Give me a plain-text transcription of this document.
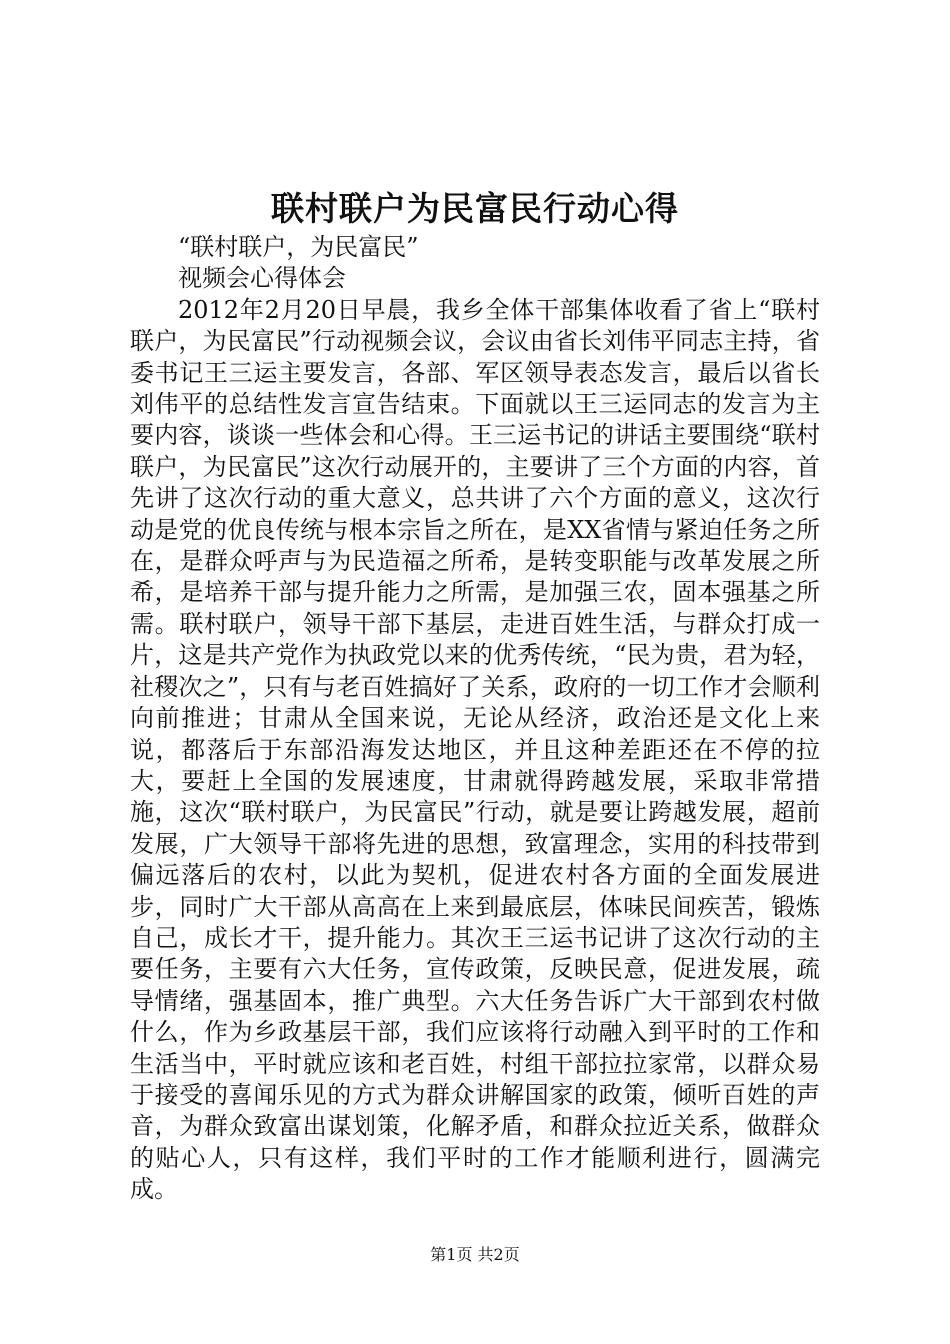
联村联户为民富民行动心得
“联村联户，为民富民”
视频会心得体会

2012年2月20日早晨，我乡全体干部集体收看了省上“联村联户，为民富民”行动视频会议，会议由省长刘伟平同志主持，省委书记王三运主要发言，各部、军区领导表态发言，最后以省长刘伟平的总结性发言宣告结束。下面就以王三运同志的发言为主要内容，谈谈一些体会和心得。王三运书记的讲话主要围绕“联村联户，为民富民”这次行动展开的，主要讲了三个方面的内容，首先讲了这次行动的重大意义，总共讲了六个方面的意义，这次行动是党的优良传统与根本宗旨之所在，是XX省情与紧迫任务之所在，是群众呼声与为民造福之所希，是转变职能与改革发展之所希，是培养干部与提升能力之所需，是加强三农，固本强基之所需。联村联户，领导干部下基层，走进百姓生活，与群众打成一片，这是共产党作为执政党以来的优秀传统，“民为贵，君为轻，社稷次之”，只有与老百姓搞好了关系，政府的一切工作才会顺利向前推进；甘肃从全国来说，无论从经济，政治还是文化上来说，都落后于东部沿海发达地区，并且这种差距还在不停的拉大，要赶上全国的发展速度，甘肃就得跨越发展，采取非常措施，这次“联村联户，为民富民”行动，就是要让跨越发展，超前发展，广大领导干部将先进的思想，致富理念，实用的科技带到偏远落后的农村，以此为契机，促进农村各方面的全面发展进步，同时广大干部从高高在上来到最底层，体味民间疾苦，锻炼自己，成长才干，提升能力。其次王三运书记讲了这次行动的主要任务，主要有六大任务，宣传政策，反映民意，促进发展，疏导情绪，强基固本，推广典型。六大任务告诉广大干部到农村做什么，作为乡政基层干部，我们应该将行动融入到平时的工作和生活当中，平时就应该和老百姓，村组干部拉拉家常，以群众易于接受的喜闻乐见的方式为群众讲解国家的政策，倾听百姓的声音，为群众致富出谋划策，化解矛盾，和群众拉近关系，做群众的贴心人，只有这样，我们平时的工作才能顺利进行，圆满完成。

第1页 共2页
